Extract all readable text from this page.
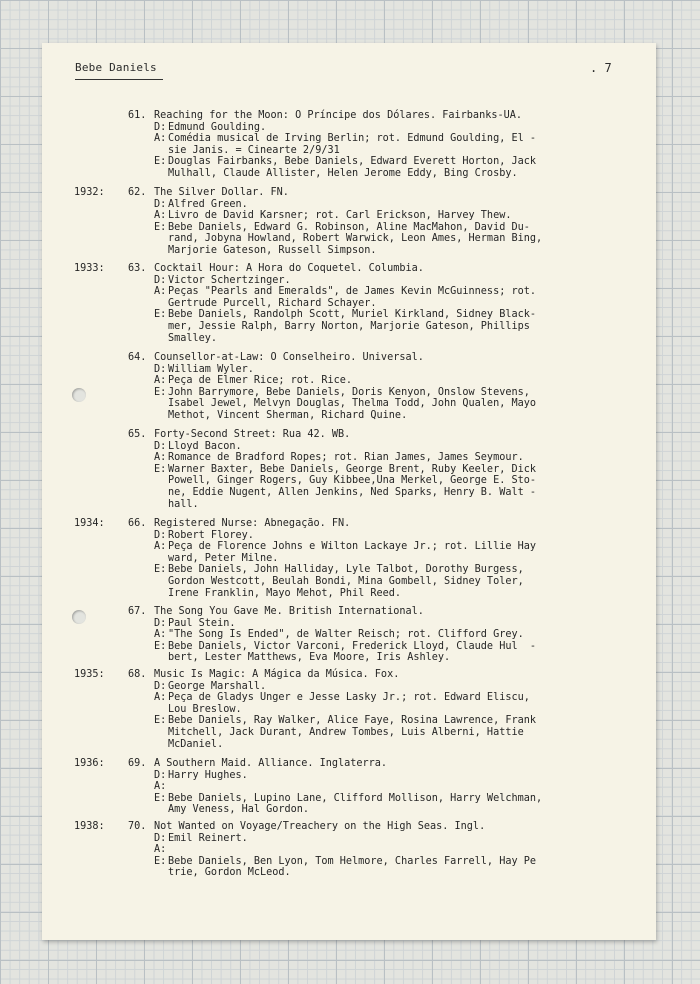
Bebe Daniels	. 7
61. Reaching for the Moon: O Príncipe dos Dólares. Fairbanks-UA.
D: Edmund Goulding.
A: Comédia musical de Irving Berlin; rot. Edmund Goulding, El -
sie Janis. = Cinearte 2/9/31
E: Douglas Fairbanks, Bebe Daniels, Edward Everett Horton, Jack
Mulhall, Claude Allister, Helen Jerome Eddy, Bing Crosby.
1932: 62. The Silver Dollar. FN.
D: Alfred Green.
A: Livro de David Karsner; rot. Carl Erickson, Harvey Thew.
E: Bebe Daniels, Edward G. Robinson, Aline MacMahon, David Du-
rand, Jobyna Howland, Robert Warwick, Leon Ames, Herman Bing,
Marjorie Gateson, Russell Simpson.
1933: 63. Cocktail Hour: A Hora do Coquetel. Columbia.
D: Victor Schertzinger.
A: Peças "Pearls and Emeralds", de James Kevin McGuinness; rot.
Gertrude Purcell, Richard Schayer.
E: Bebe Daniels, Randolph Scott, Muriel Kirkland, Sidney Black-
mer, Jessie Ralph, Barry Norton, Marjorie Gateson, Phillips
Smalley.
64. Counsellor-at-Law: O Conselheiro. Universal.
D: William Wyler.
A: Peça de Elmer Rice; rot. Rice.
E: John Barrymore, Bebe Daniels, Doris Kenyon, Onslow Stevens,
Isabel Jewel, Melvyn Douglas, Thelma Todd, John Qualen, Mayo
Methot, Vincent Sherman, Richard Quine.
65. Forty-Second Street: Rua 42. WB.
D: Lloyd Bacon.
A: Romance de Bradford Ropes; rot. Rian James, James Seymour.
E: Warner Baxter, Bebe Daniels, George Brent, Ruby Keeler, Dick
Powell, Ginger Rogers, Guy Kibbee,Una Merkel, George E. Sto-
ne, Eddie Nugent, Allen Jenkins, Ned Sparks, Henry B. Walt -
hall.
1934: 66. Registered Nurse: Abnegação. FN.
D: Robert Florey.
A: Peça de Florence Johns e Wilton Lackaye Jr.; rot. Lillie Hay
ward, Peter Milne.
E: Bebe Daniels, John Halliday, Lyle Talbot, Dorothy Burgess,
Gordon Westcott, Beulah Bondi, Mina Gombell, Sidney Toler,
Irene Franklin, Mayo Mehot, Phil Reed.
67. The Song You Gave Me. British International.
D: Paul Stein.
A: "The Song Is Ended", de Walter Reisch; rot. Clifford Grey.
E: Bebe Daniels, Victor Varconi, Frederick Lloyd, Claude Hul  -
bert, Lester Matthews, Eva Moore, Iris Ashley.
1935: 68. Music Is Magic: A Mágica da Música. Fox.
D: George Marshall.
A: Peça de Gladys Unger e Jesse Lasky Jr.; rot. Edward Eliscu,
Lou Breslow.
E: Bebe Daniels, Ray Walker, Alice Faye, Rosina Lawrence, Frank
Mitchell, Jack Durant, Andrew Tombes, Luis Alberni, Hattie
McDaniel.
1936: 69. A Southern Maid. Alliance. Inglaterra.
D: Harry Hughes.
A:
E: Bebe Daniels, Lupino Lane, Clifford Mollison, Harry Welchman,
Amy Veness, Hal Gordon.
1938: 70. Not Wanted on Voyage/Treachery on the High Seas. Ingl.
D: Emil Reinert.
A:
E: Bebe Daniels, Ben Lyon, Tom Helmore, Charles Farrell, Hay Pe
trie, Gordon McLeod.
